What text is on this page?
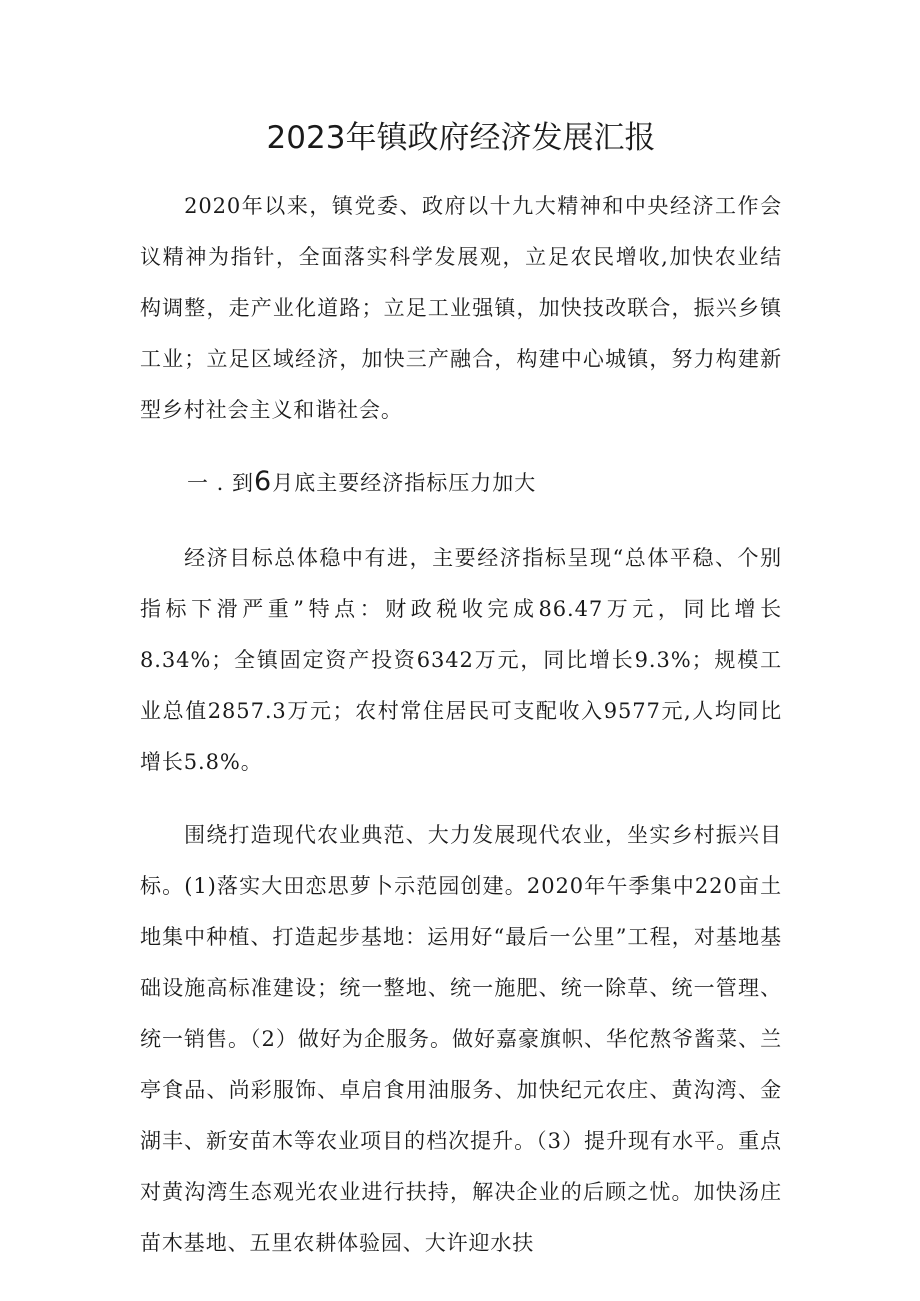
2023年镇政府经济发展汇报

2020年以来，镇党委、政府以十九大精神和中央经济工作会议精神为指针，全面落实科学发展观，立足农民增收,加快农业结构调整，走产业化道路；立足工业强镇，加快技改联合，振兴乡镇工业；立足区域经济，加快三产融合，构建中心城镇，努力构建新型乡村社会主义和谐社会。

一 . 到6月底主要经济指标压力加大

经济目标总体稳中有进，主要经济指标呈现“总体平稳、个别指标下滑严重”特点：财政税收完成86.47万元，同比增长8.34%；全镇固定资产投资6342万元，同比增长9.3%；规模工业总值2857.3万元；农村常住居民可支配收入9577元,人均同比增长5.8%。

围绕打造现代农业典范、大力发展现代农业，坐实乡村振兴目标。(1)落实大田恋思萝卜示范园创建。2020年午季集中220亩土地集中种植、打造起步基地：运用好“最后一公里”工程，对基地基础设施高标准建设；统一整地、统一施肥、统一除草、统一管理、统一销售。（2）做好为企服务。做好嘉豪旗帜、华佗熬爷酱菜、兰亭食品、尚彩服饰、卓启食用油服务、加快纪元农庄、黄沟湾、金湖丰、新安苗木等农业项目的档次提升。（3）提升现有水平。重点对黄沟湾生态观光农业进行扶持，解决企业的后顾之忧。加快汤庄苗木基地、五里农耕体验园、大许迎水扶
